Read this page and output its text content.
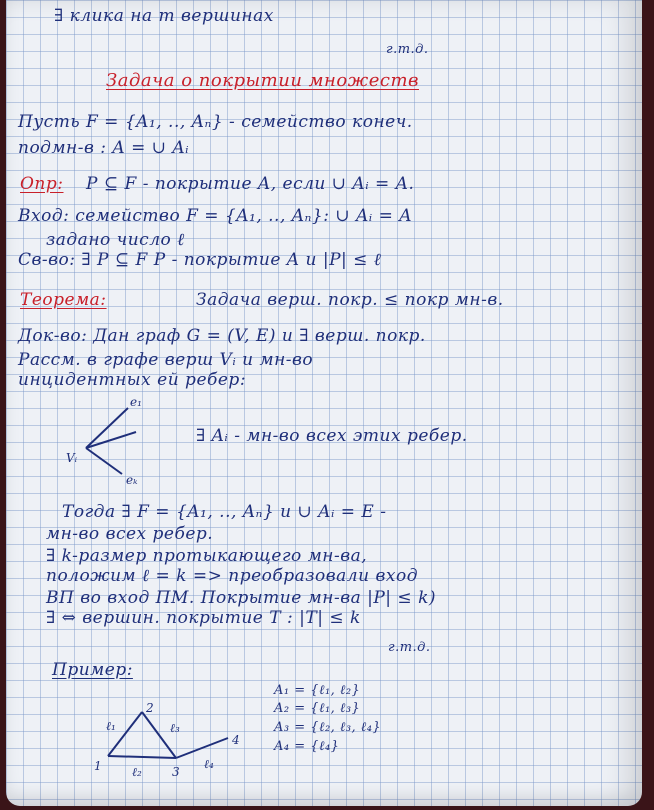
∃ клика на m вершинах
г.т.д.
Задача о покрытии множеств
Пусть F = {A₁, .., Aₙ} - семейство конеч.
подмн-в : A = ∪ Aᵢ
Опр: P ⊆ F - покрытие A, если ∪ Aᵢ = A.
Вход: семейство F = {A₁, .., Aₙ}: ∪ Aᵢ = A
задано число ℓ
Св-во: ∃ P ⊆ F P - покрытие A и |P| ≤ ℓ
Теорема:	Задача верш. покр. ≤ покр мн-в.
Док-во: Дан граф G = (V, E) и ∃ верш. покр.
Рассм. в графе верш Vᵢ и мн-во
инцидентных ей ребер:
e₁
eₖ
Vᵢ
∃ Aᵢ - мн-во всех этих ребер.
Тогда ∃ F = {A₁, .., Aₙ} и ∪ Aᵢ = E -
мн-во всех ребер.
∃ k-размер протыкающего мн-ва,
положим ℓ = k => преобразовали вход
ВП во вход ПМ. Покрытие мн-ва |P| ≤ k)
∃ ⇔ вершин. покрытие T : |T| ≤ k
г.т.д.
Пример:
A₁ = {ℓ₁, ℓ₂}
A₂ = {ℓ₁, ℓ₃}
A₃ = {ℓ₂, ℓ₃, ℓ₄}
A₄ = {ℓ₄}
1
2
3
4
ℓ₁
ℓ₂
ℓ₃
ℓ₄
